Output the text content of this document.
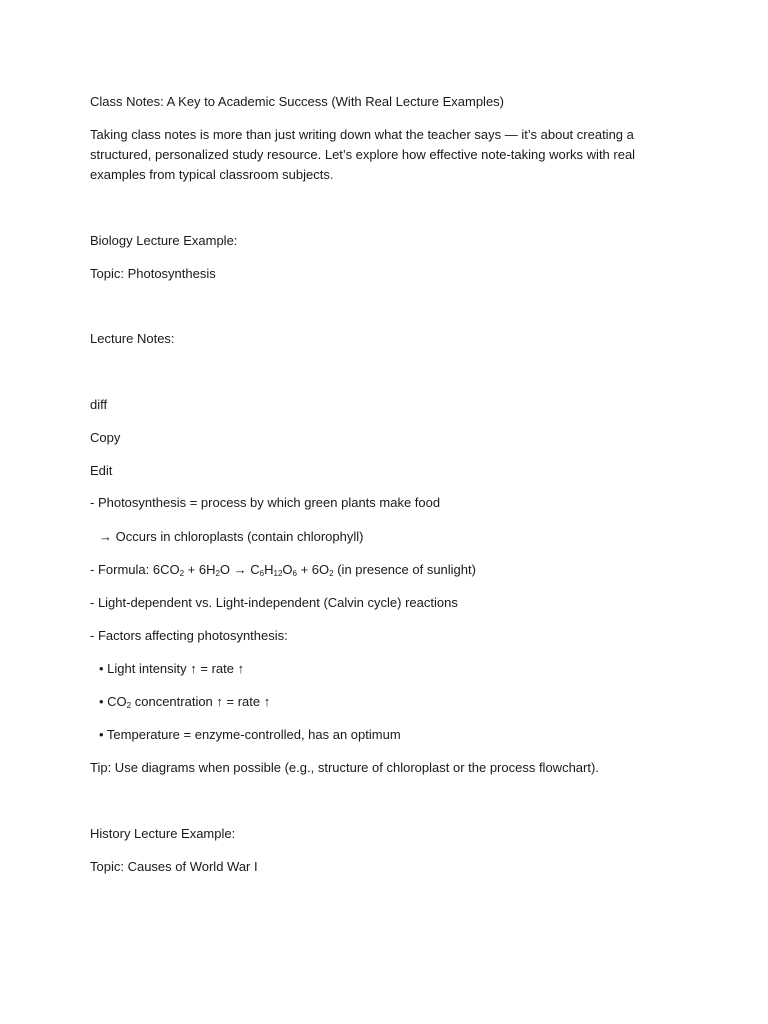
Class Notes: A Key to Academic Success (With Real Lecture Examples)
Taking class notes is more than just writing down what the teacher says — it’s about creating a structured, personalized study resource. Let’s explore how effective note-taking works with real examples from typical classroom subjects.
Biology Lecture Example:
Topic: Photosynthesis
Lecture Notes:
diff
Copy
Edit
- Photosynthesis = process by which green plants make food
→ Occurs in chloroplasts (contain chlorophyll)
- Formula: $6CO_2 + 6H_2O \to C_6H_{12}O_6 + 6O_2$ (in presence of sunlight)
- Light-dependent vs. Light-independent (Calvin cycle) reactions
- Factors affecting photosynthesis:
• Light intensity ↑ = rate ↑
• $CO_2$ concentration ↑ = rate ↑
• Temperature = enzyme-controlled, has an optimum
Tip: Use diagrams when possible (e.g., structure of chloroplast or the process flowchart).
History Lecture Example:
Topic: Causes of World War I
